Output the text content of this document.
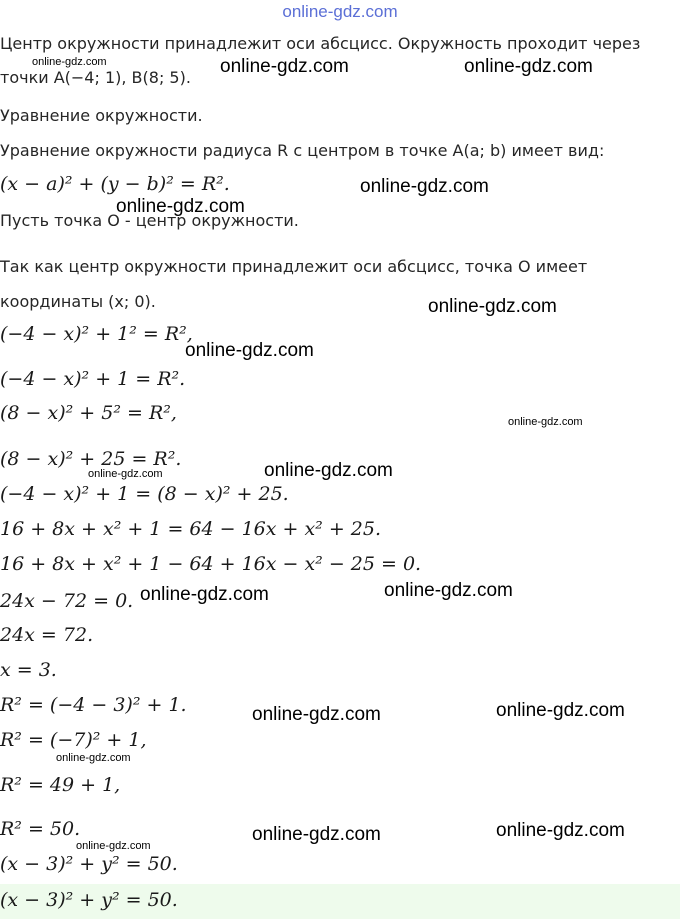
online-gdz.com
Центр окружности принадлежит оси абсцисс. Окружность проходит через
точки A(−4; 1), B(8; 5).
Уравнение окружности.
Уравнение окружности радиуса R с центром в точке A(a; b) имеет вид:
(x − a)² + (y − b)² = R².
Пусть точка O - центр окружности.
Так как центр окружности принадлежит оси абсцисс, точка O имеет
координаты (x; 0).
(−4 − x)² + 1² = R²,
(−4 − x)² + 1 = R².
(8 − x)² + 5² = R²,
(8 − x)² + 25 = R².
(−4 − x)² + 1 = (8 − x)² + 25.
16 + 8x + x² + 1 = 64 − 16x + x² + 25.
16 + 8x + x² + 1 − 64 + 16x − x² − 25 = 0.
24x − 72 = 0.
24x = 72.
x = 3.
R² = (−4 − 3)² + 1.
R² = (−7)² + 1,
R² = 49 + 1,
R² = 50.
(x − 3)² + y² = 50.
(x − 3)² + y² = 50.
online-gdz.com	online-gdz.com	online-gdz.com
online-gdz.com
online-gdz.com
online-gdz.com
online-gdz.com
online-gdz.com
online-gdz.com
online-gdz.com
online-gdz.com	online-gdz.com
online-gdz.com	online-gdz.com
online-gdz.com
online-gdz.com	online-gdz.com
online-gdz.com
